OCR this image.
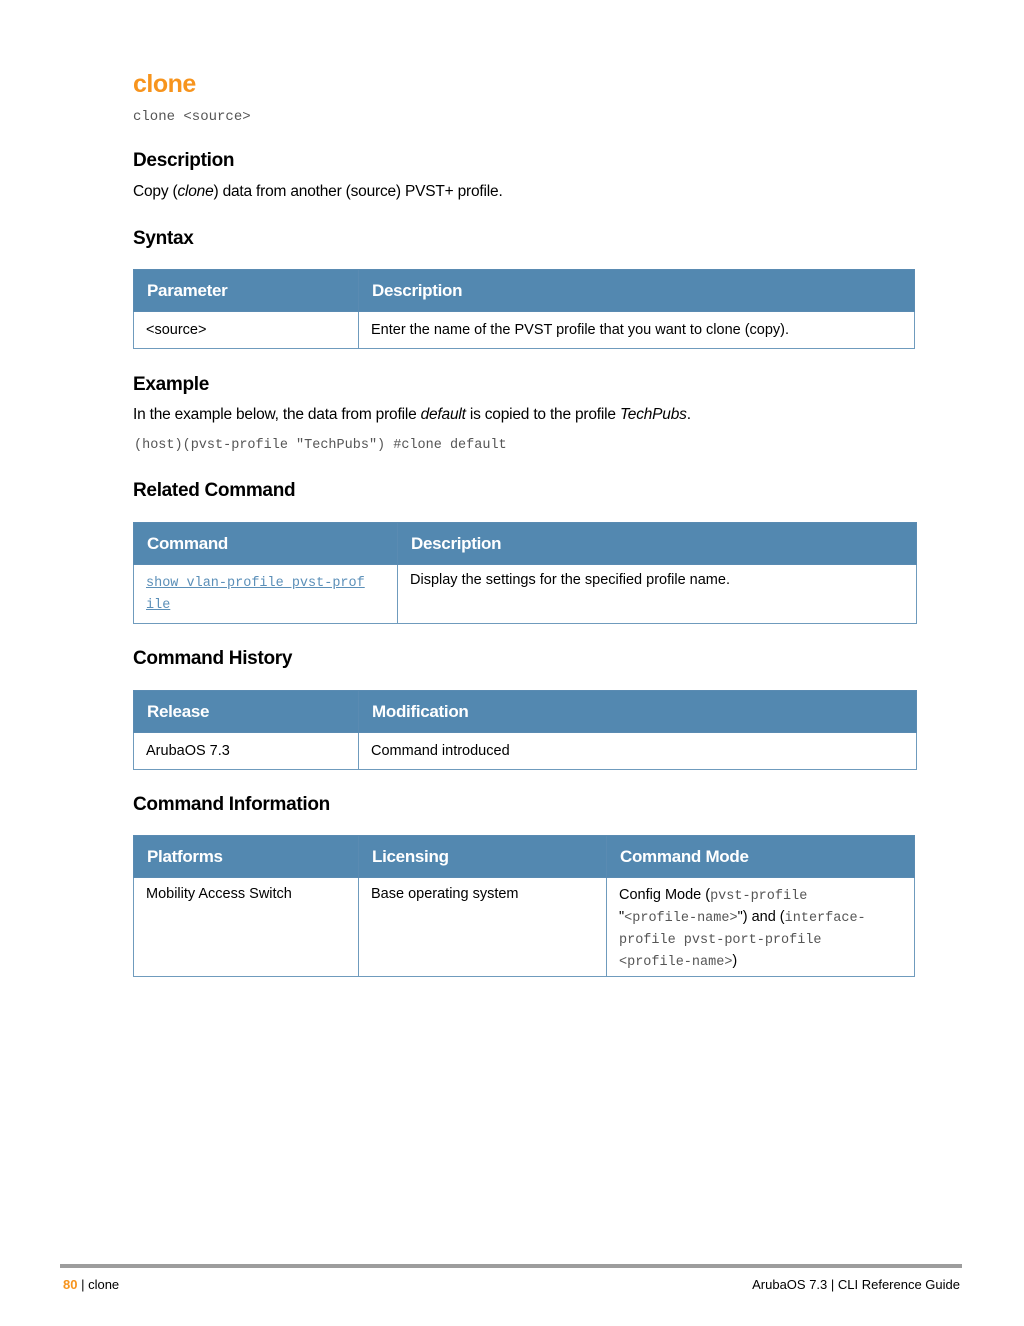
clone
clone <source>
Description
Copy (clone) data from another (source) PVST+ profile.
Syntax
Parameter	Description
<source>	Enter the name of the PVST profile that you want to clone (copy).
Example
In the example below, the data from profile default is copied to the profile TechPubs.
(host)(pvst-profile "TechPubs") #clone default
Related Command
Command	Description
show vlan-profile pvst-prof
ile	Display the settings for the specified profile name.
Command History
Release	Modification
ArubaOS 7.3	Command introduced
Command Information
Platforms	Licensing	Command Mode
Mobility Access Switch	Base operating system	Config Mode (pvst-profile
"<profile-name>") and (interface-
profile pvst-port-profile
<profile-name>)
80 | clone	ArubaOS 7.3 | CLI Reference Guide
